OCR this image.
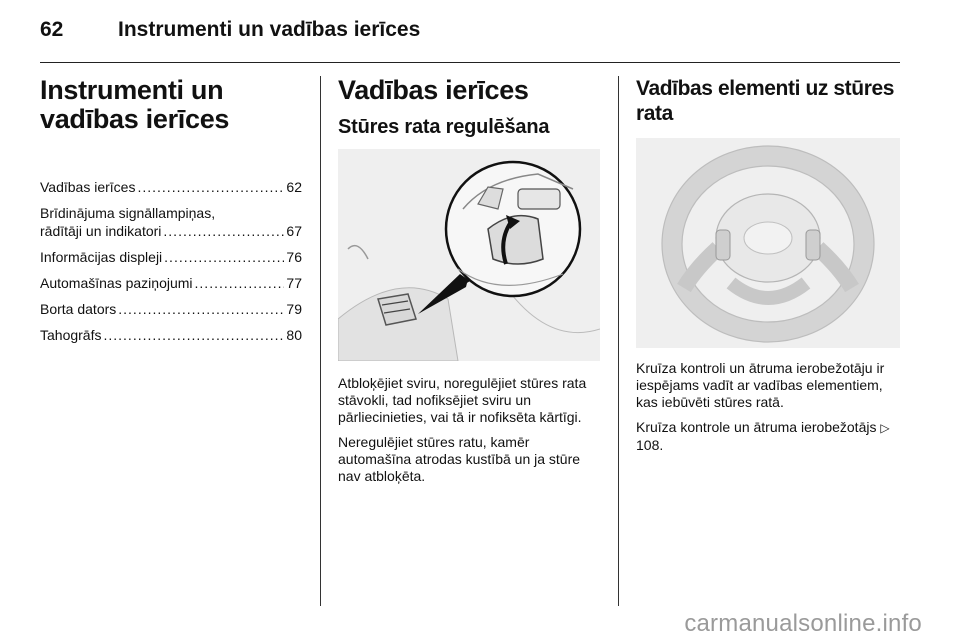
62	Instrumenti un vadības ierīces
Instrumenti un
vadības ierīces
Vadības ierīces .....	62
Brīdinājuma signāllampiņas,
rādītāji un indikatori .....	67
Informācijas displeji .....	76
Automašīnas paziņojumi .....	77
Borta dators .....	79
Tahogrāfs .....	80
Vadības ierīces
Stūres rata regulēšana

Atbloķējiet sviru, noregulējiet stūres rata stāvokli, tad nofiksējiet sviru un pārliecinieties, vai tā ir nofiksēta kārtīgi.

Neregulējiet stūres ratu, kamēr automašīna atrodas kustībā un ja stūre nav atbloķēta.

Vadības elementi uz stūres rata

Kruīza kontroli un ātruma ierobežotāju ir iespējams vadīt ar vadības elementiem, kas iebūvēti stūres ratā.

Kruīza kontrole un ātruma ierobežotājs ▷ 108.

carmanualsonline.info
